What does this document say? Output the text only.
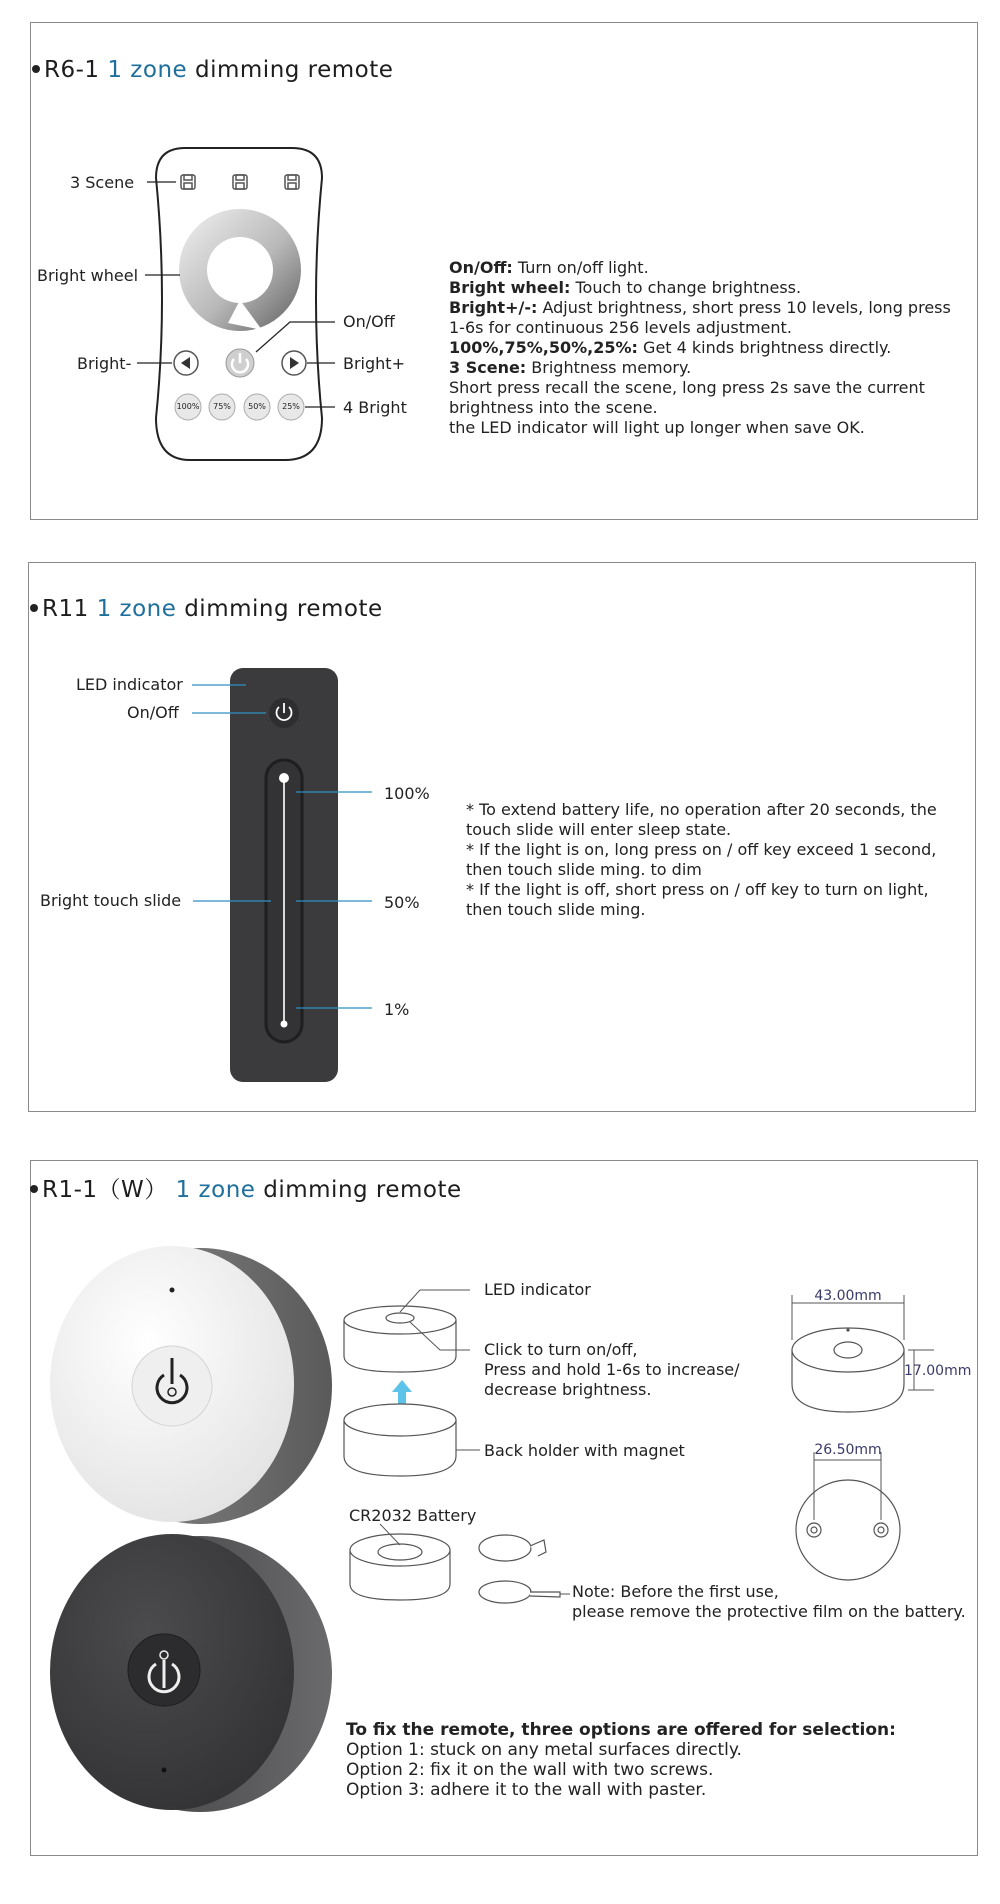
R6-1 1 zone dimming remote
100%	75%	50%	25%
3 Scene
Bright wheel
On/Off
Bright-	Bright+
4 Bright

On/Off: Turn on/off light.

Bright wheel: Touch to change brightness.

Bright+/-: Adjust brightness, short press 10 levels, long press 1-6s for continuous 256 levels adjustment.

100%,75%,50%,25%: Get 4 kinds brightness directly.

3 Scene: Brightness memory.

Short press recall the scene, long press 2s save the current brightness into the scene.

the LED indicator will light up longer when save OK.

R11 1 zone dimming remote
LED indicator
On/Off
Bright touch slide
100%
50%
1%

* To extend battery life, no operation after 20 seconds, the touch slide will enter sleep state.

* If the light is on, long press on / off key exceed 1 second, then touch slide ming. to dim

* If the light is off, short press on / off key to turn on light, then touch slide ming.

R1-1（W） 1 zone dimming remote
43.00mm
17.00mm
26.50mm
LED indicator

Click to turn on/off,

Press and hold 1-6s to increase/

decrease brightness.

Back holder with magnet
CR2032 Battery

Note: Before the first use,

please remove the protective film on the battery.

To fix the remote, three options are offered for selection:

Option 1: stuck on any metal surfaces directly.

Option 2: fix it on the wall with two screws.

Option 3: adhere it to the wall with paster.
